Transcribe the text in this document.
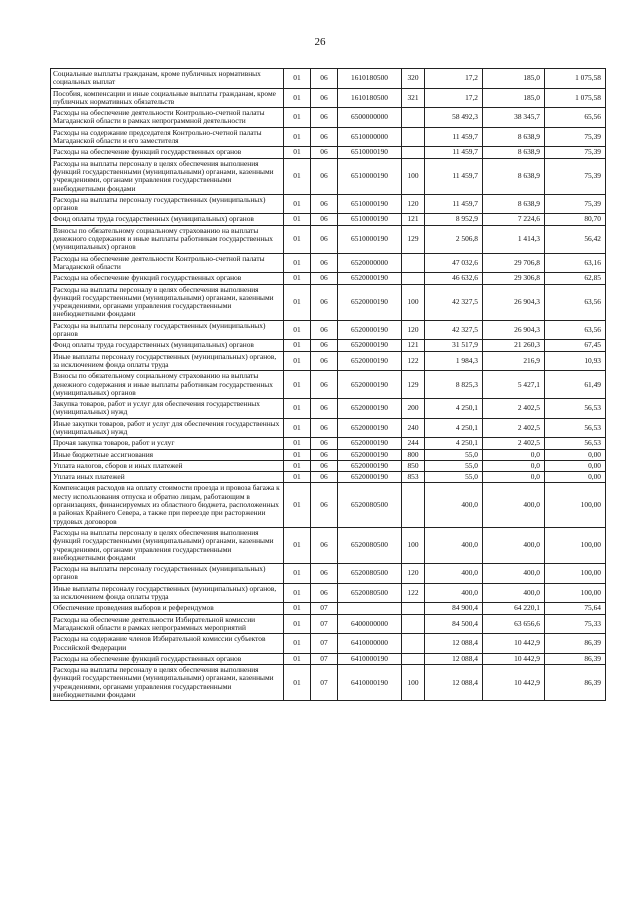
26
Социальные выплаты гражданам, кроме публичных нормативных социальных выплат	01	06	1610180500	320	17,2	185,0	1 075,58
Пособия, компенсации и иные социальные выплаты гражданам, кроме публичных нормативных обязательств	01	06	1610180500	321	17,2	185,0	1 075,58
Расходы на обеспечение деятельности Контрольно-счетной палаты Магаданской области в рамках непрограммной деятельности	01	06	6500000000		58 492,3	38 345,7	65,56
Расходы на содержание председателя Контрольно-счетной палаты Магаданской области и его заместителя	01	06	6510000000		11 459,7	8 638,9	75,39
Расходы на обеспечение функций государственных органов	01	06	6510000190		11 459,7	8 638,9	75,39
Расходы на выплаты персоналу в целях обеспечения выполнения функций государственными (муниципальными) органами, казенными учреждениями, органами управления государственными внебюджетными фондами	01	06	6510000190	100	11 459,7	8 638,9	75,39
Расходы на выплаты персоналу государственных (муниципальных) органов	01	06	6510000190	120	11 459,7	8 638,9	75,39
Фонд оплаты труда государственных (муниципальных) органов	01	06	6510000190	121	8 952,9	7 224,6	80,70
Взносы по обязательному социальному страхованию на выплаты денежного содержания и иные выплаты работникам государственных (муниципальных) органов	01	06	6510000190	129	2 506,8	1 414,3	56,42
Расходы на обеспечение деятельности Контрольно-счетной палаты Магаданской области	01	06	6520000000		47 032,6	29 706,8	63,16
Расходы на обеспечение функций государственных органов	01	06	6520000190		46 632,6	29 306,8	62,85
Расходы на выплаты персоналу в целях обеспечения выполнения функций государственными (муниципальными) органами, казенными учреждениями, органами управления государственными внебюджетными фондами	01	06	6520000190	100	42 327,5	26 904,3	63,56
Расходы на выплаты персоналу государственных (муниципальных) органов	01	06	6520000190	120	42 327,5	26 904,3	63,56
Фонд оплаты труда государственных (муниципальных) органов	01	06	6520000190	121	31 517,9	21 260,3	67,45
Иные выплаты персоналу государственных (муниципальных) органов, за исключением фонда оплаты труда	01	06	6520000190	122	1 984,3	216,9	10,93
Взносы по обязательному социальному страхованию на выплаты денежного содержания и иные выплаты работникам государственных (муниципальных) органов	01	06	6520000190	129	8 825,3	5 427,1	61,49
Закупка товаров, работ и услуг для обеспечения государственных (муниципальных) нужд	01	06	6520000190	200	4 250,1	2 402,5	56,53
Иные закупки товаров, работ и услуг для обеспечения государственных (муниципальных) нужд	01	06	6520000190	240	4 250,1	2 402,5	56,53
Прочая закупка товаров, работ и услуг	01	06	6520000190	244	4 250,1	2 402,5	56,53
Иные бюджетные ассигнования	01	06	6520000190	800	55,0	0,0	0,00
Уплата налогов, сборов и иных платежей	01	06	6520000190	850	55,0	0,0	0,00
Уплата иных платежей	01	06	6520000190	853	55,0	0,0	0,00
Компенсация расходов на оплату стоимости проезда и провоза багажа к месту использования отпуска и обратно лицам, работающим в организациях, финансируемых из областного бюджета, расположенных в районах Крайнего Севера, а также при переезде при расторжении трудовых договоров	01	06	6520080500		400,0	400,0	100,00
Расходы на выплаты персоналу в целях обеспечения выполнения функций государственными (муниципальными) органами, казенными учреждениями, органами управления государственными внебюджетными фондами	01	06	6520080500	100	400,0	400,0	100,00
Расходы на выплаты персоналу государственных (муниципальных) органов	01	06	6520080500	120	400,0	400,0	100,00
Иные выплаты персоналу государственных (муниципальных) органов, за исключением фонда оплаты труда	01	06	6520080500	122	400,0	400,0	100,00
Обеспечение проведения выборов и референдумов	01	07			84 900,4	64 220,1	75,64
Расходы на обеспечение деятельности Избирательной комиссии Магаданской области в рамках непрограммных мероприятий	01	07	6400000000		84 500,4	63 656,6	75,33
Расходы на содержание членов Избирательной комиссии субъектов Российской Федерации	01	07	6410000000		12 088,4	10 442,9	86,39
Расходы на обеспечение функций государственных органов	01	07	6410000190		12 088,4	10 442,9	86,39
Расходы на выплаты персоналу в целях обеспечения выполнения функций государственными (муниципальными) органами, казенными учреждениями, органами управления государственными внебюджетными фондами	01	07	6410000190	100	12 088,4	10 442,9	86,39
